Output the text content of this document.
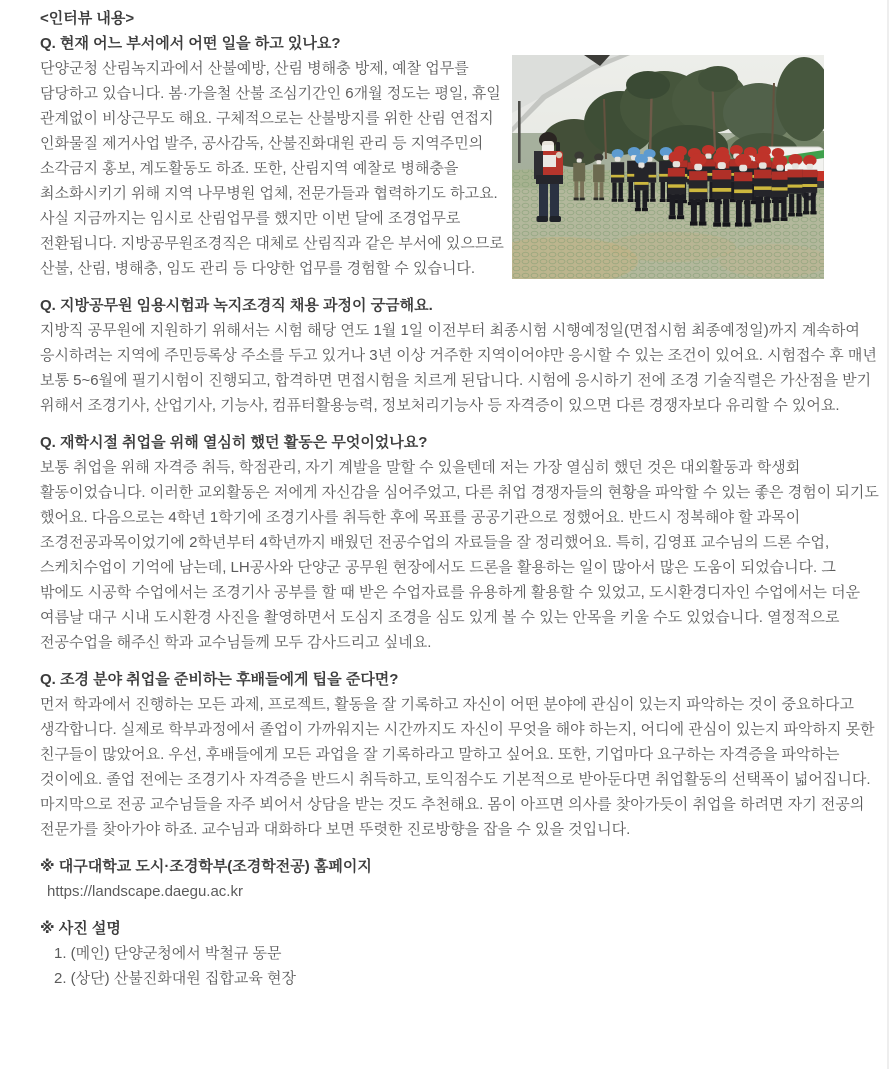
<인터뷰 내용>
Q. 현재 어느 부서에서 어떤 일을 하고 있나요?

단양군청 산림녹지과에서 산불예방, 산림 병해충 방제, 예찰 업무를 담당하고 있습니다. 봄·가을철 산불 조심기간인 6개월 정도는 평일, 휴일 관계없이 비상근무도 해요. 구체적으로는 산불방지를 위한 산림 연접지 인화물질 제거사업 발주, 공사감독, 산불진화대원 관리 등 지역주민의 소각금지 홍보, 계도활동도 하죠. 또한, 산림지역 예찰로 병해충을 최소화시키기 위해 지역 나무병원 업체, 전문가들과 협력하기도 하고요. 사실 지금까지는 임시로 산림업무를 했지만 이번 달에 조경업무로 전환됩니다. 지방공무원조경직은 대체로 산림직과 같은 부서에 있으므로 산불, 산림, 병해충, 임도 관리 등 다양한 업무를 경험할 수 있습니다.

Q. 지방공무원 임용시험과 녹지조경직 채용 과정이 궁금해요.

지방직 공무원에 지원하기 위해서는 시험 해당 연도 1월 1일 이전부터 최종시험 시행예정일(면접시험 최종예정일)까지 계속하여 응시하려는 지역에 주민등록상 주소를 두고 있거나 3년 이상 거주한 지역이어야만 응시할 수 있는 조건이 있어요. 시험접수 후 매년 보통 5~6월에 필기시험이 진행되고, 합격하면 면접시험을 치르게 된답니다. 시험에 응시하기 전에 조경 기술직렬은 가산점을 받기 위해서 조경기사, 산업기사, 기능사, 컴퓨터활용능력, 정보처리기능사 등 자격증이 있으면 다른 경쟁자보다 유리할 수 있어요.

Q. 재학시절 취업을 위해 열심히 했던 활동은 무엇이었나요?

보통 취업을 위해 자격증 취득, 학점관리, 자기 계발을 말할 수 있을텐데 저는 가장 열심히 했던 것은 대외활동과 학생회 활동이었습니다. 이러한 교외활동은 저에게 자신감을 심어주었고, 다른 취업 경쟁자들의 현황을 파악할 수 있는 좋은 경험이 되기도 했어요. 다음으로는 4학년 1학기에 조경기사를 취득한 후에 목표를 공공기관으로 정했어요. 반드시 정복해야 할 과목이 조경전공과목이었기에 2학년부터 4학년까지 배웠던 전공수업의 자료들을 잘 정리했어요. 특히, 김영표 교수님의 드론 수업, 스케치수업이 기억에 남는데, LH공사와 단양군 공무원 현장에서도 드론을 활용하는 일이 많아서 많은 도움이 되었습니다. 그 밖에도 시공학 수업에서는 조경기사 공부를 할 때 받은 수업자료를 유용하게 활용할 수 있었고, 도시환경디자인 수업에서는 더운 여름날 대구 시내 도시환경 사진을 촬영하면서 도심지 조경을 심도 있게 볼 수 있는 안목을 키울 수도 있었습니다. 열정적으로 전공수업을 해주신 학과 교수님들께 모두 감사드리고 싶네요.

Q. 조경 분야 취업을 준비하는 후배들에게 팁을 준다면?

먼저 학과에서 진행하는 모든 과제, 프로젝트, 활동을 잘 기록하고 자신이 어떤 분야에 관심이 있는지 파악하는 것이 중요하다고 생각합니다. 실제로 학부과정에서 졸업이 가까워지는 시간까지도 자신이 무엇을 해야 하는지, 어디에 관심이 있는지 파악하지 못한 친구들이 많았어요. 우선, 후배들에게 모든 과업을 잘 기록하라고 말하고 싶어요. 또한, 기업마다 요구하는 자격증을 파악하는 것이에요. 졸업 전에는 조경기사 자격증을 반드시 취득하고, 토익점수도 기본적으로 받아둔다면 취업활동의 선택폭이 넓어집니다. 마지막으로 전공 교수님들을 자주 뵈어서 상담을 받는 것도 추천해요. 몸이 아프면 의사를 찾아가듯이 취업을 하려면 자기 전공의 전문가를 찾아가야 하죠. 교수님과 대화하다 보면 뚜렷한 진로방향을 잡을 수 있을 것입니다.

※ 대구대학교 도시·조경학부(조경학전공) 홈페이지

https://landscape.daegu.ac.kr

※ 사진 설명

1. (메인) 단양군청에서 박철규 동문

2. (상단) 산불진화대원 집합교육 현장
